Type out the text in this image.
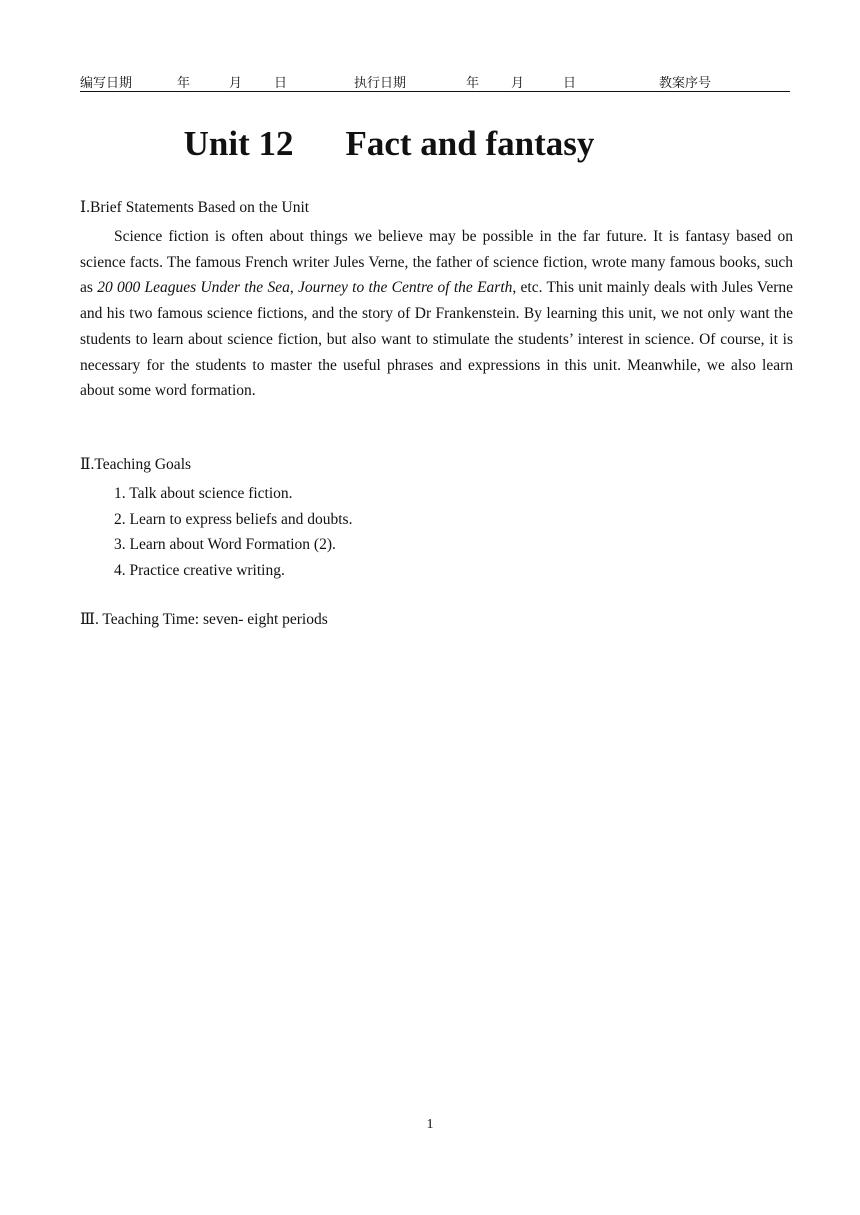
编写日期	年	月 日	执行日期	年 月	日	教案序号
Unit 12 Fact and fantasy
Ⅰ.Brief Statements Based on the Unit

Science fiction is often about things we believe may be possible in the far future. It is fantasy based on science facts. The famous French writer Jules Verne, the father of science fiction, wrote many famous books, such as 20 000 Leagues Under the Sea, Journey to the Centre of the Earth, etc. This unit mainly deals with Jules Verne and his two famous science fictions, and the story of Dr Frankenstein. By learning this unit, we not only want the students to learn about science fiction, but also want to stimulate the students’ interest in science. Of course, it is necessary for the students to master the useful phrases and expressions in this unit. Meanwhile, we also learn about some word formation.

Ⅱ.Teaching Goals
1. Talk about science fiction.
2. Learn to express beliefs and doubts.
3. Learn about Word Formation (2).
4. Practice creative writing.
Ⅲ. Teaching Time: seven- eight periods
1
